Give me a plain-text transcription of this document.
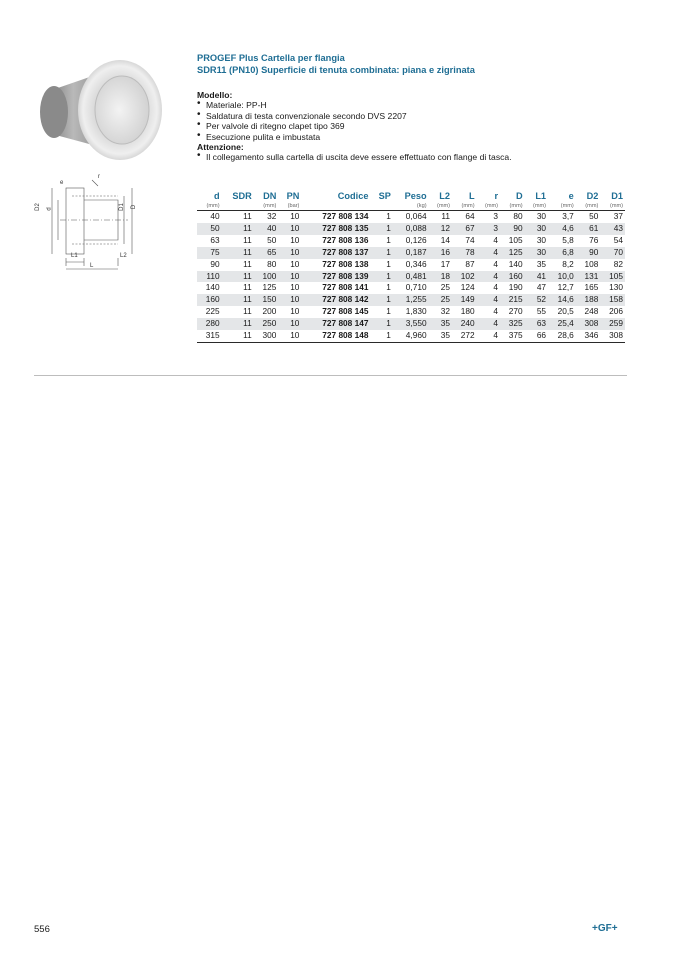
D2 d	D1 D
e
r
L1	L2
L
PROGEF Plus Cartella per flangia
SDR11 (PN10) Superficie di tenuta combinata: piana e zigrinata
Modello:
• Materiale: PP-H
• Saldatura di testa convenzionale secondo DVS 2207
• Per valvole di ritegno clapet tipo 369
• Esecuzione pulita e imbustata
Attenzione:
• Il collegamento sulla cartella di uscita deve essere effettuato con flange di tasca.
d	SDR	DN	PN	Codice	SP	Peso	L2	L	r	D	L1	e	D2	D1
(mm)		(mm)	(bar)			(kg)	(mm)	(mm)	(mm)	(mm)	(mm)	(mm)	(mm)	(mm)
40	11	32	10	727 808 134	1	0,064	11	64	3	80	30	3,7	50	37
50	11	40	10	727 808 135	1	0,088	12	67	3	90	30	4,6	61	43
63	11	50	10	727 808 136	1	0,126	14	74	4	105	30	5,8	76	54
75	11	65	10	727 808 137	1	0,187	16	78	4	125	30	6,8	90	70
90	11	80	10	727 808 138	1	0,346	17	87	4	140	35	8,2	108	82
110	11	100	10	727 808 139	1	0,481	18	102	4	160	41	10,0	131	105
140	11	125	10	727 808 141	1	0,710	25	124	4	190	47	12,7	165	130
160	11	150	10	727 808 142	1	1,255	25	149	4	215	52	14,6	188	158
225	11	200	10	727 808 145	1	1,830	32	180	4	270	55	20,5	248	206
280	11	250	10	727 808 147	1	3,550	35	240	4	325	63	25,4	308	259
315	11	300	10	727 808 148	1	4,960	35	272	4	375	66	28,6	346	308
556	+GF+
